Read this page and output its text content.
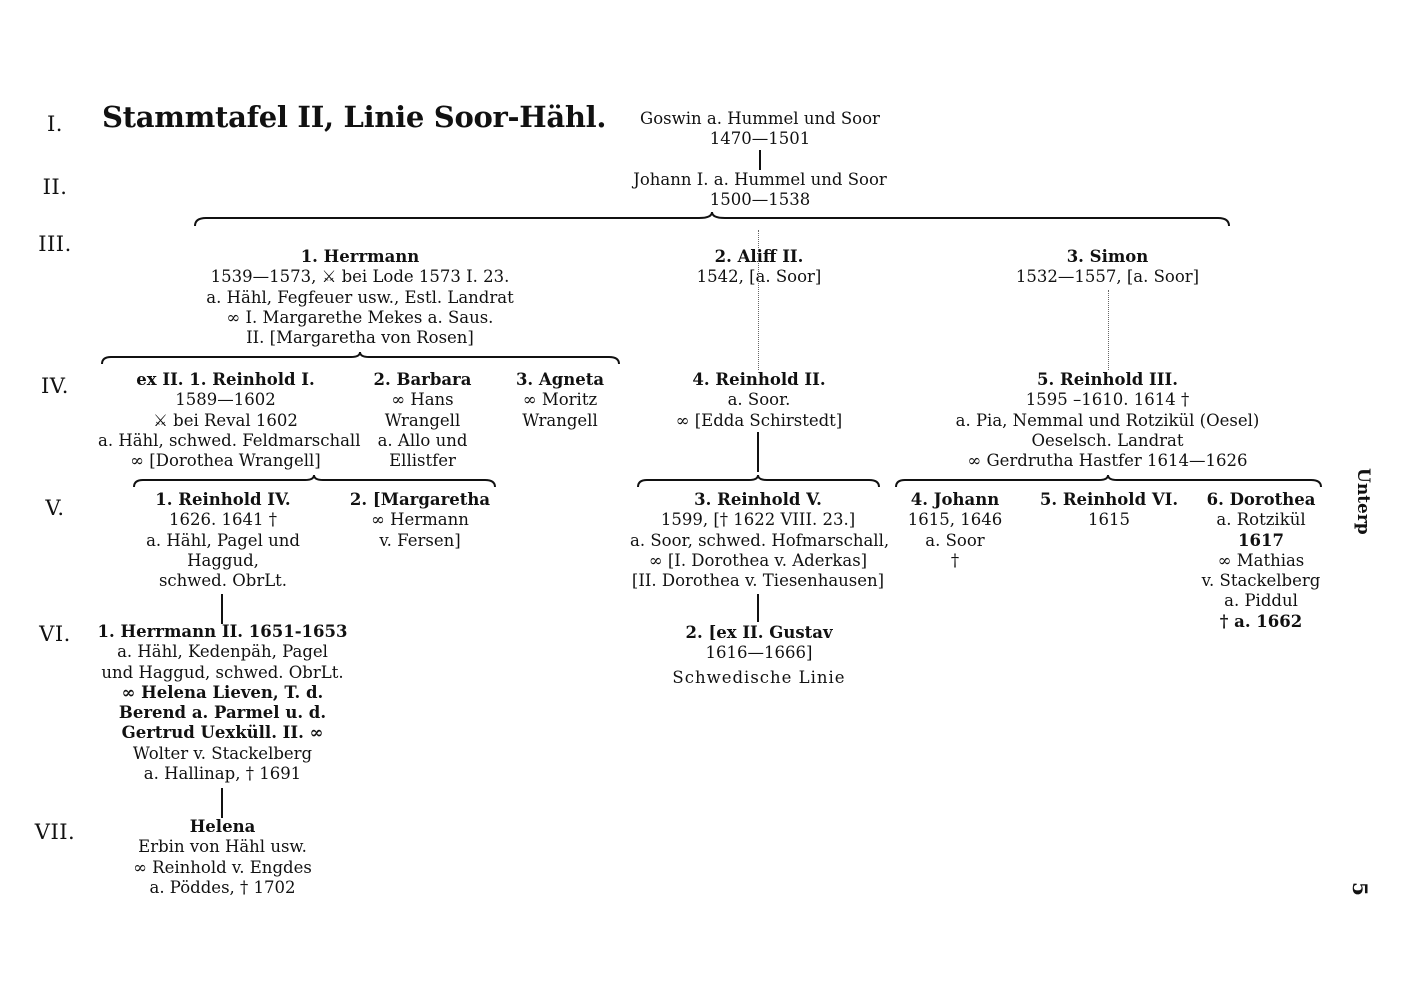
I.
II.
III.
IV.
V.
VI.
VII.
Stammtafel II, Linie Soor-Hähl.
Unterp
5
Goswin a. Hummel und Soor
1470—1501
Johann I. a. Hummel und Soor
1500—1538
1. Herrmann
1539—1573, ⚔ bei Lode 1573 I. 23.
a. Hähl, Fegfeuer usw., Estl. Landrat
∞ I. Margarethe Mekes a. Saus.
II. [Margaretha von Rosen]
2. Aliff II.
1542, [a. Soor]
3. Simon
1532—1557, [a. Soor]
ex II. 1. Reinhold I.
1589—1602
⚔ bei Reval 1602
a. Hähl, schwed. Feldmarschall
∞ [Dorothea Wrangell]
2. Barbara
∞ Hans
Wrangell
a. Allo und
Ellistfer
3. Agneta
∞ Moritz
Wrangell
4. Reinhold II.
a. Soor.
∞ [Edda Schirstedt]
5. Reinhold III.
1595 –1610. 1614 †
a. Pia, Nemmal und Rotzikül (Oesel)
Oeselsch. Landrat
∞ Gerdrutha Hastfer 1614—1626
1. Reinhold IV.
1626. 1641 †
a. Hähl, Pagel und
Haggud,
schwed. ObrLt.
2. [Margaretha
∞ Hermann
v. Fersen]
3. Reinhold V.
1599, [† 1622 VIII. 23.]
a. Soor, schwed. Hofmarschall,
∞ [I. Dorothea v. Aderkas]
[II. Dorothea v. Tiesenhausen]
4. Johann
1615, 1646
a. Soor
†
5. Reinhold VI.
1615
6. Dorothea
a. Rotzikül
1617
∞ Mathias
v. Stackelberg
a. Piddul
† a. 1662
1. Herrmann II. 1651-1653
a. Hähl, Kedenpäh, Pagel
und Haggud, schwed. ObrLt.
∞ Helena Lieven, T. d.
Berend a. Parmel u. d.
Gertrud Uexküll. II. ∞
Wolter v. Stackelberg
a. Hallinap, † 1691
2. [ex II. Gustav
1616—1666]
Schwedische Linie
Helena
Erbin von Hähl usw.
∞ Reinhold v. Engdes
a. Pöddes, † 1702
